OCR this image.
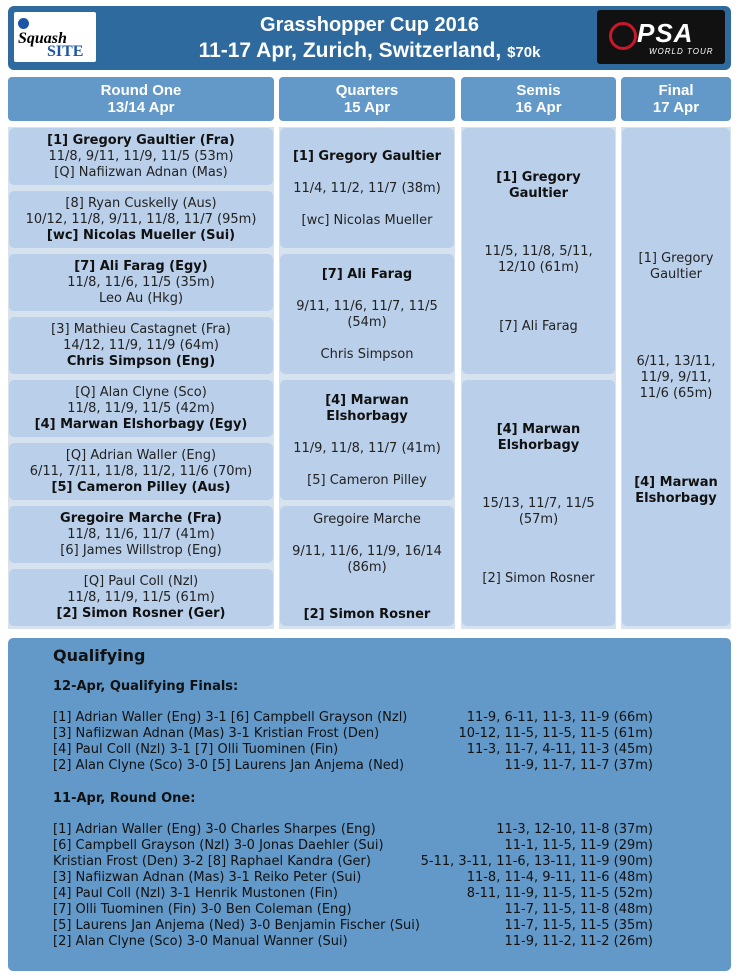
Squash
SITE
Grasshopper Cup 2016
11-17 Apr, Zurich, Switzerland, $70k
PSA
WORLD TOUR
Round One
13/14 Apr
Quarters
15 Apr
Semis
16 Apr
Final
17 Apr
[1] Gregory Gaultier (Fra)
11/8, 9/11, 11/9, 11/5 (53m)
[Q] Nafiizwan Adnan (Mas)
[8] Ryan Cuskelly (Aus)
10/12, 11/8, 9/11, 11/8, 11/7 (95m)
[wc] Nicolas Mueller (Sui)
[7] Ali Farag (Egy)
11/8, 11/6, 11/5 (35m)
Leo Au (Hkg)
[3] Mathieu Castagnet (Fra)
14/12, 11/9, 11/9 (64m)
Chris Simpson (Eng)
[Q] Alan Clyne (Sco)
11/8, 11/9, 11/5 (42m)
[4] Marwan Elshorbagy (Egy)
[Q] Adrian Waller (Eng)
6/11, 7/11, 11/8, 11/2, 11/6 (70m)
[5] Cameron Pilley (Aus)
Gregoire Marche (Fra)
11/8, 11/6, 11/7 (41m)
[6] James Willstrop (Eng)
[Q] Paul Coll (Nzl)
11/8, 11/9, 11/5 (61m)
[2] Simon Rosner (Ger)
[1] Gregory Gaultier
11/4, 11/2, 11/7 (38m)
[wc] Nicolas Mueller
[7] Ali Farag
9/11, 11/6, 11/7, 11/5
(54m)
Chris Simpson
[4] Marwan
Elshorbagy
11/9, 11/8, 11/7 (41m)
[5] Cameron Pilley
Gregoire Marche
9/11, 11/6, 11/9, 16/14
(86m)
[2] Simon Rosner
[1] Gregory
Gaultier
11/5, 11/8, 5/11,
12/10 (61m)
[7] Ali Farag
[4] Marwan
Elshorbagy
15/13, 11/7, 11/5
(57m)
[2] Simon Rosner
[1] Gregory
Gaultier
6/11, 13/11,
11/9, 9/11,
11/6 (65m)
[4] Marwan
Elshorbagy
Qualifying
12-Apr, Qualifying Finals:
[1] Adrian Waller (Eng) 3-1 [6] Campbell Grayson (Nzl)	11-9, 6-11, 11-3, 11-9 (66m)
[3] Nafiizwan Adnan (Mas) 3-1 Kristian Frost (Den)	10-12, 11-5, 11-5, 11-5 (61m)
[4] Paul Coll (Nzl) 3-1 [7] Olli Tuominen (Fin)	11-3, 11-7, 4-11, 11-3 (45m)
[2] Alan Clyne (Sco) 3-0 [5] Laurens Jan Anjema (Ned)	11-9, 11-7, 11-7 (37m)
11-Apr, Round One:
[1] Adrian Waller (Eng) 3-0 Charles Sharpes (Eng)	11-3, 12-10, 11-8 (37m)
[6] Campbell Grayson (Nzl) 3-0 Jonas Daehler (Sui)	11-1, 11-5, 11-9 (29m)
Kristian Frost (Den) 3-2 [8] Raphael Kandra (Ger)	5-11, 3-11, 11-6, 13-11, 11-9 (90m)
[3] Nafiizwan Adnan (Mas) 3-1 Reiko Peter (Sui)	11-8, 11-4, 9-11, 11-6 (48m)
[4] Paul Coll (Nzl) 3-1 Henrik Mustonen (Fin)	8-11, 11-9, 11-5, 11-5 (52m)
[7] Olli Tuominen (Fin) 3-0 Ben Coleman (Eng)	11-7, 11-5, 11-8 (48m)
[5] Laurens Jan Anjema (Ned) 3-0 Benjamin Fischer (Sui)	11-7, 11-5, 11-5 (35m)
[2] Alan Clyne (Sco) 3-0 Manual Wanner (Sui)	11-9, 11-2, 11-2 (26m)
